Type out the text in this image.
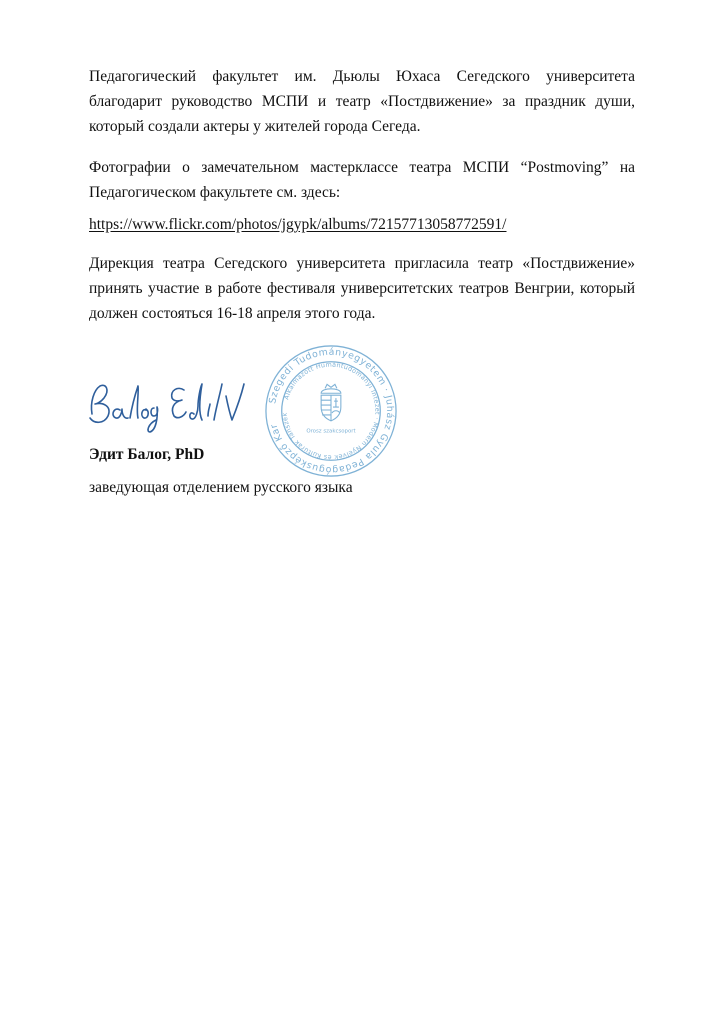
Педагогический факультет им. Дьюлы Юхаса Сегедского университета благодарит руководство МСПИ и театр «Постдвижение» за праздник души, который создали актеры у жителей города Сегеда.

Фотографии о замечательном мастерклассе театра МСПИ “Postmoving” на Педагогическом факультете см. здесь:

https://www.flickr.com/photos/jgypk/albums/72157713058772591/

Дирекция театра Сегедского университета пригласила театр «Постдвижение» принять участие в работе фестиваля университетских театров Венгрии, который должен состояться 16-18 апреля этого года.

Szegedi Tudományegyetem · Juhász Gyula Pedagógusképző Kar
Alkalmazott Humántudományi Intézet · Modern Nyelvek és Kultúrák Tanszék
Orosz szakcsoport

Эдит Балог, PhD

заведующая отделением русского языка
